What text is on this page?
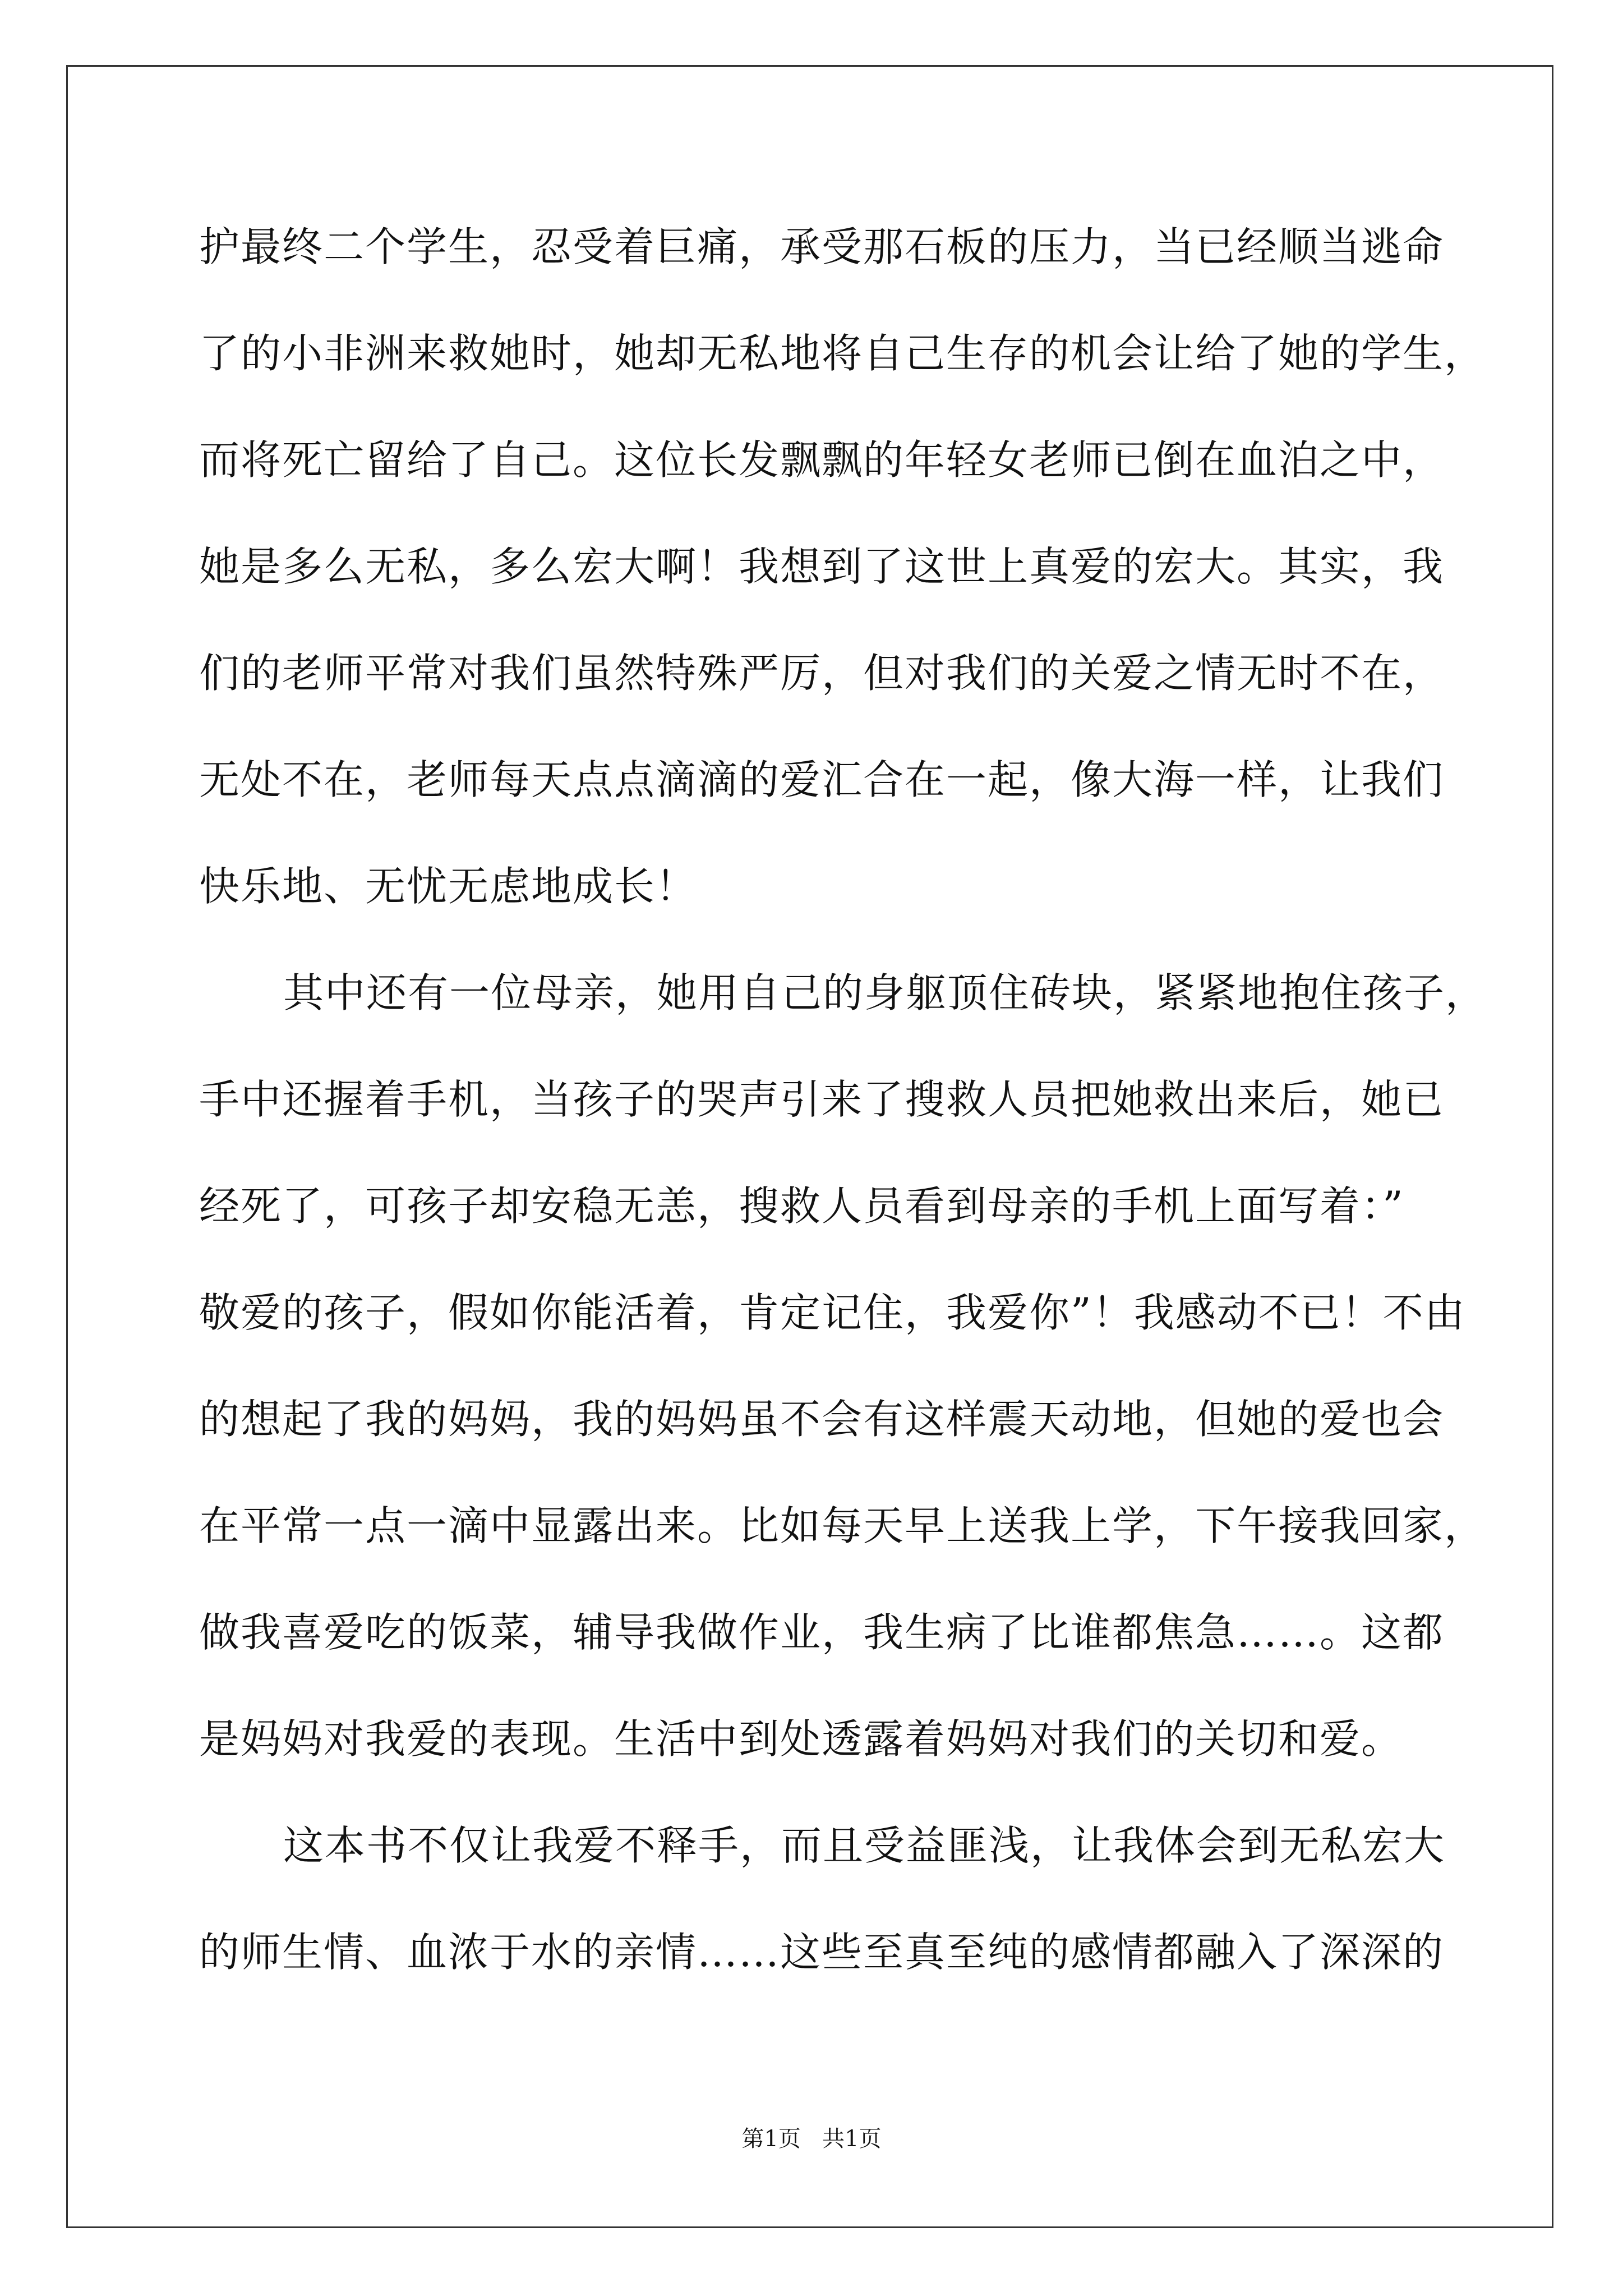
护最终二个学生，忍受着巨痛，承受那石板的压力，当已经顺当逃命
了的小非洲来救她时，她却无私地将自己生存的机会让给了她的学生，
而将死亡留给了自己。这位长发飘飘的年轻女老师已倒在血泊之中，
她是多么无私，多么宏大啊！我想到了这世上真爱的宏大。其实，我
们的老师平常对我们虽然特殊严厉，但对我们的关爱之情无时不在，
无处不在，老师每天点点滴滴的爱汇合在一起，像大海一样，让我们
快乐地、无忧无虑地成长！
其中还有一位母亲，她用自己的身躯顶住砖块，紧紧地抱住孩子，
手中还握着手机，当孩子的哭声引来了搜救人员把她救出来后，她已
经死了，可孩子却安稳无恙，搜救人员看到母亲的手机上面写着：”
敬爱的孩子，假如你能活着，肯定记住，我爱你”！我感动不已！不由
的想起了我的妈妈，我的妈妈虽不会有这样震天动地，但她的爱也会
在平常一点一滴中显露出来。比如每天早上送我上学，下午接我回家，
做我喜爱吃的饭菜，辅导我做作业，我生病了比谁都焦急……。这都
是妈妈对我爱的表现。生活中到处透露着妈妈对我们的关切和爱。
这本书不仅让我爱不释手，而且受益匪浅，让我体会到无私宏大
的师生情、血浓于水的亲情……这些至真至纯的感情都融入了深深的
第1页   共1页
